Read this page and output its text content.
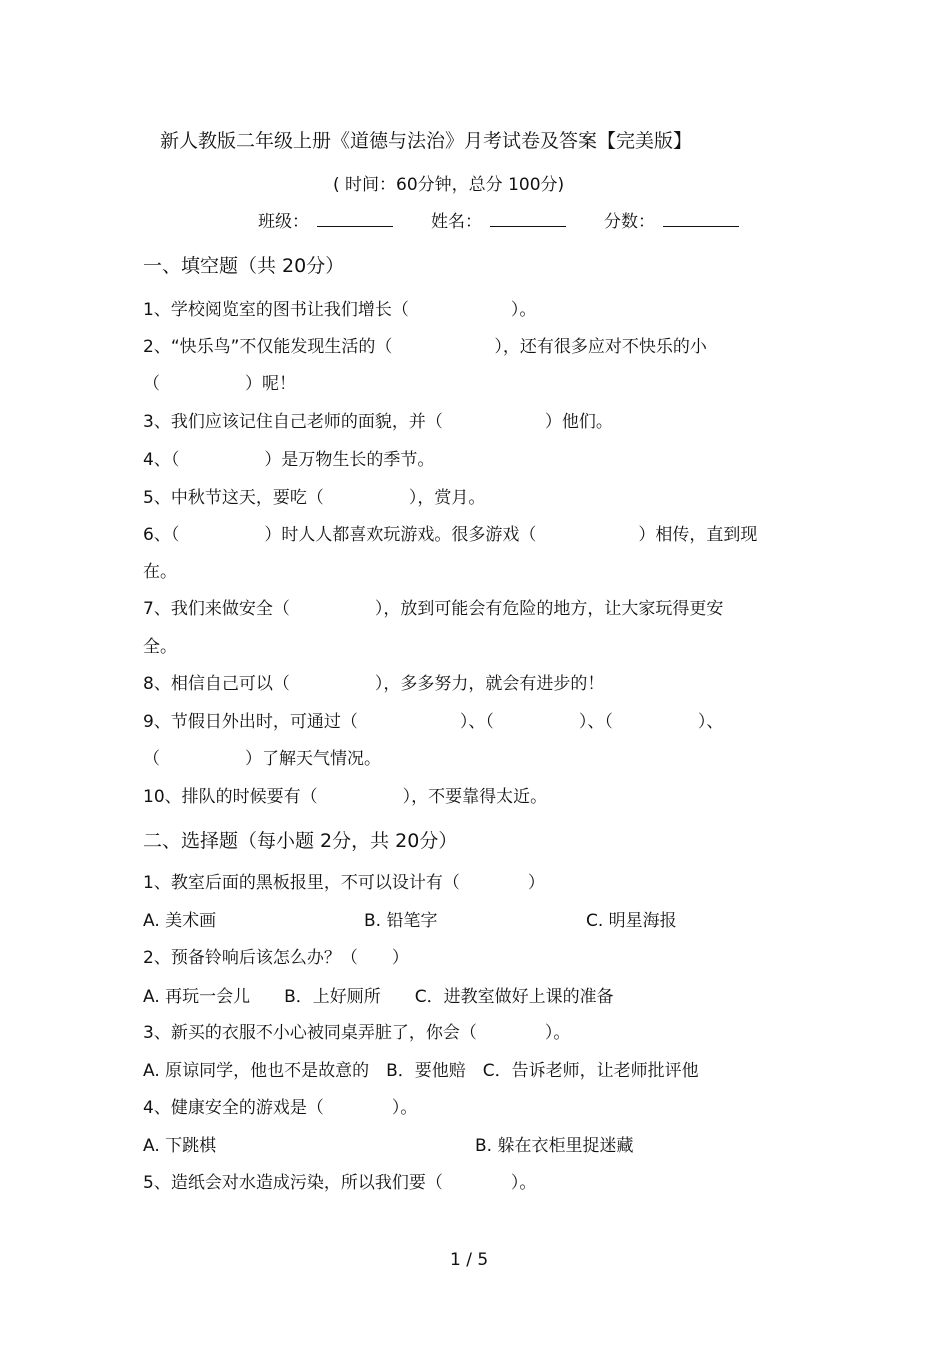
新人教版二年级上册《道德与法治》月考试卷及答案【完美版】
( 时间：60分钟，总分 100分)
班级：	姓名：	分数：
一、填空题（共 20分）
1、学校阅览室的图书让我们增长（　　　　　　）。
2、“快乐鸟”不仅能发现生活的（　　　　　　），还有很多应对不快乐的小
（　　　　　）呢！
3、我们应该记住自己老师的面貌，并（　　　　　　）他们。
4、（　　　　　）是万物生长的季节。
5、中秋节这天，要吃（　　　　　），赏月。
6、（　　　　　）时人人都喜欢玩游戏。很多游戏（　　　　　　）相传，直到现
在。
7、我们来做安全（　　　　　），放到可能会有危险的地方，让大家玩得更安
全。
8、相信自己可以（　　　　　），多多努力，就会有进步的！
9、节假日外出时，可通过（　　　　　　）、（　　　　　）、（　　　　　）、
（　　　　　）了解天气情况。
10、排队的时候要有（　　　　　），不要靠得太近。
二、选择题（每小题 2分，共 20分）
1、教室后面的黑板报里，不可以设计有（　　　　）
A. 美术画	B. 铅笔字	C. 明星海报
2、预备铃响后该怎么办？（　　）
A. 再玩一会儿　　B．上好厕所　　C．进教室做好上课的准备
3、新买的衣服不小心被同桌弄脏了，你会（　　　　）。
A. 原谅同学，他也不是故意的　B．要他赔　C．告诉老师，让老师批评他
4、健康安全的游戏是（　　　　）。
A. 下跳棋	B. 躲在衣柜里捉迷藏
5、造纸会对水造成污染，所以我们要（　　　　）。
1 / 5
